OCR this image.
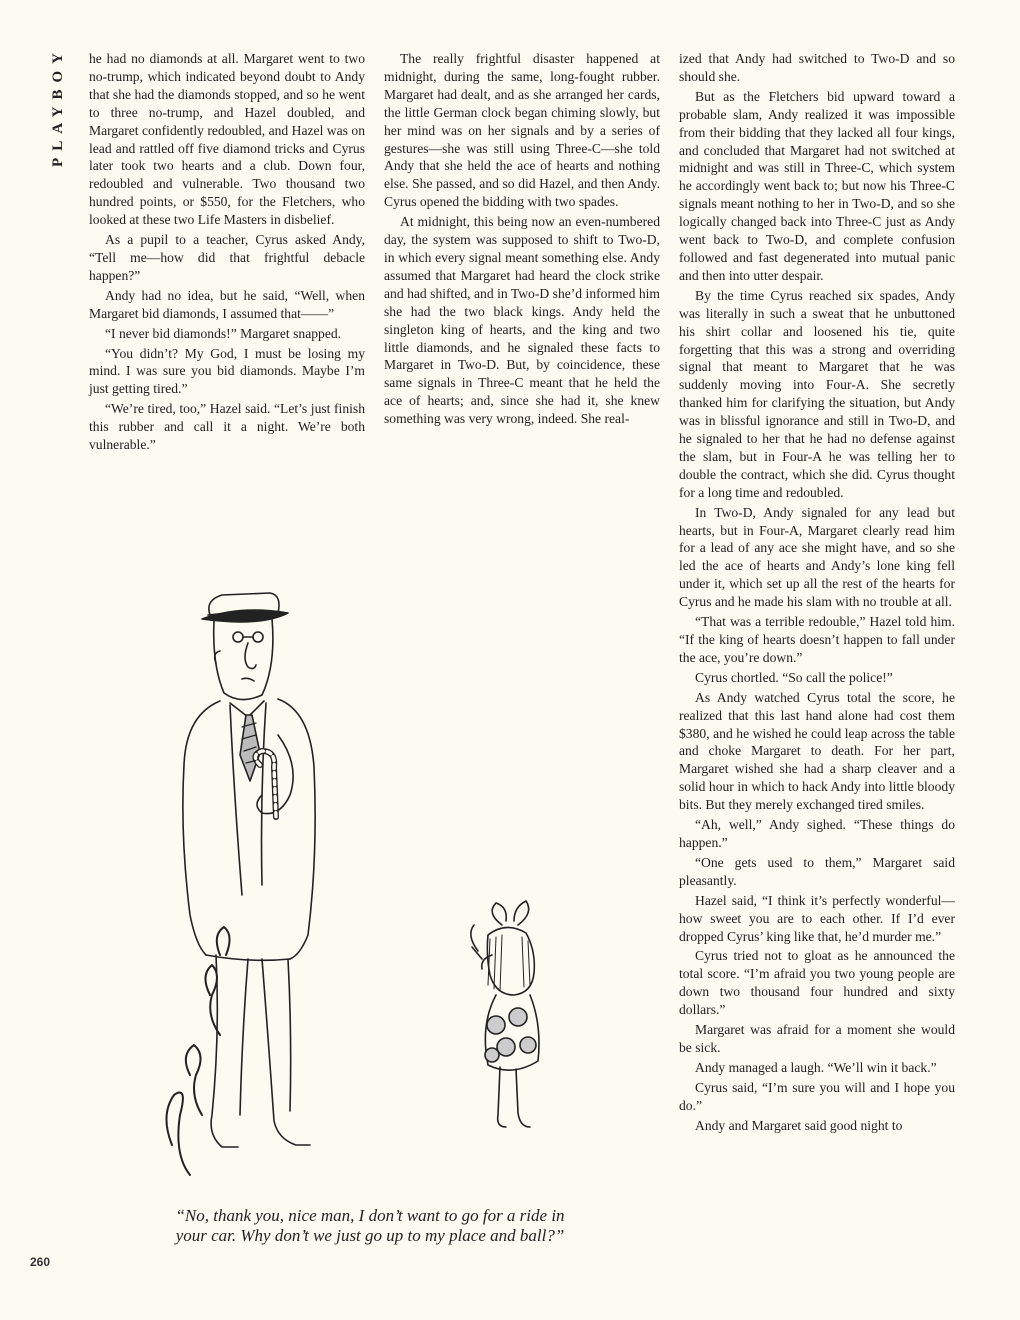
PLAYBOY he had no diamonds at all. Margaret went to two no-trump, which indicated beyond doubt to Andy that she had the diamonds stopped, and so he went to three no-trump, and Hazel doubled, and Margaret confidently redoubled, and Hazel was on lead and rattled off five diamond tricks and Cyrus later took two hearts and a club. Down four, redoubled and vulnerable. Two thousand two hundred points, or $550, for the Fletchers, who looked at these two Life Masters in disbelief.

As a pupil to a teacher, Cyrus asked Andy, “Tell me—how did that frightful debacle happen?”

Andy had no idea, but he said, “Well, when Margaret bid diamonds, I assumed that——”

“I never bid diamonds!” Margaret snapped.

“You didn’t? My God, I must be losing my mind. I was sure you bid diamonds. Maybe I’m just getting tired.”

“We’re tired, too,” Hazel said. “Let’s just finish this rubber and call it a night. We’re both vulnerable.”

The really frightful disaster happened at midnight, during the same, long-fought rubber. Margaret had dealt, and as she arranged her cards, the little German clock began chiming slowly, but her mind was on her signals and by a series of gestures—she was still using Three-C—she told Andy that she held the ace of hearts and nothing else. She passed, and so did Hazel, and then Andy. Cyrus opened the bidding with two spades.

At midnight, this being now an even-numbered day, the system was supposed to shift to Two-D, in which every signal meant something else. Andy assumed that Margaret had heard the clock strike and had shifted, and in Two-D she’d informed him she had the two black kings. Andy held the singleton king of hearts, and the king and two little diamonds, and he signaled these facts to Margaret in Two-D. But, by coincidence, these same signals in Three-C meant that he held the ace of hearts; and, since she had it, she knew something was very wrong, indeed. She real-

ized that Andy had switched to Two-D and so should she.

But as the Fletchers bid upward toward a probable slam, Andy realized it was impossible from their bidding that they lacked all four kings, and concluded that Margaret had not switched at midnight and was still in Three-C, which system he accordingly went back to; but now his Three-C signals meant nothing to her in Two-D, and so she logically changed back into Three-C just as Andy went back to Two-D, and complete confusion followed and fast degenerated into mutual panic and then into utter despair.

By the time Cyrus reached six spades, Andy was literally in such a sweat that he unbuttoned his shirt collar and loosened his tie, quite forgetting that this was a strong and overriding signal that meant to Margaret that he was suddenly moving into Four-A. She secretly thanked him for clarifying the situation, but Andy was in blissful ignorance and still in Two-D, and he signaled to her that he had no defense against the slam, but in Four-A he was telling her to double the contract, which she did. Cyrus thought for a long time and redoubled.

In Two-D, Andy signaled for any lead but hearts, but in Four-A, Margaret clearly read him for a lead of any ace she might have, and so she led the ace of hearts and Andy’s lone king fell under it, which set up all the rest of the hearts for Cyrus and he made his slam with no trouble at all.

“That was a terrible redouble,” Hazel told him. “If the king of hearts doesn’t happen to fall under the ace, you’re down.”

Cyrus chortled. “So call the police!”

As Andy watched Cyrus total the score, he realized that this last hand alone had cost them $380, and he wished he could leap across the table and choke Margaret to death. For her part, Margaret wished she had a sharp cleaver and a solid hour in which to hack Andy into little bloody bits. But they merely exchanged tired smiles.

“Ah, well,” Andy sighed. “These things do happen.”

“One gets used to them,” Margaret said pleasantly.

Hazel said, “I think it’s perfectly wonderful—how sweet you are to each other. If I’d ever dropped Cyrus’ king like that, he’d murder me.”

Cyrus tried not to gloat as he announced the total score. “I’m afraid you two young people are down two thousand four hundred and sixty dollars.”

Margaret was afraid for a moment she would be sick.

Andy managed a laugh. “We’ll win it back.”

Cyrus said, “I’m sure you will and I hope you do.”

Andy and Margaret said good night to

“No, thank you, nice man, I don’t want to go for a ride in your car. Why don’t we just go up to my place and ball?”
260
